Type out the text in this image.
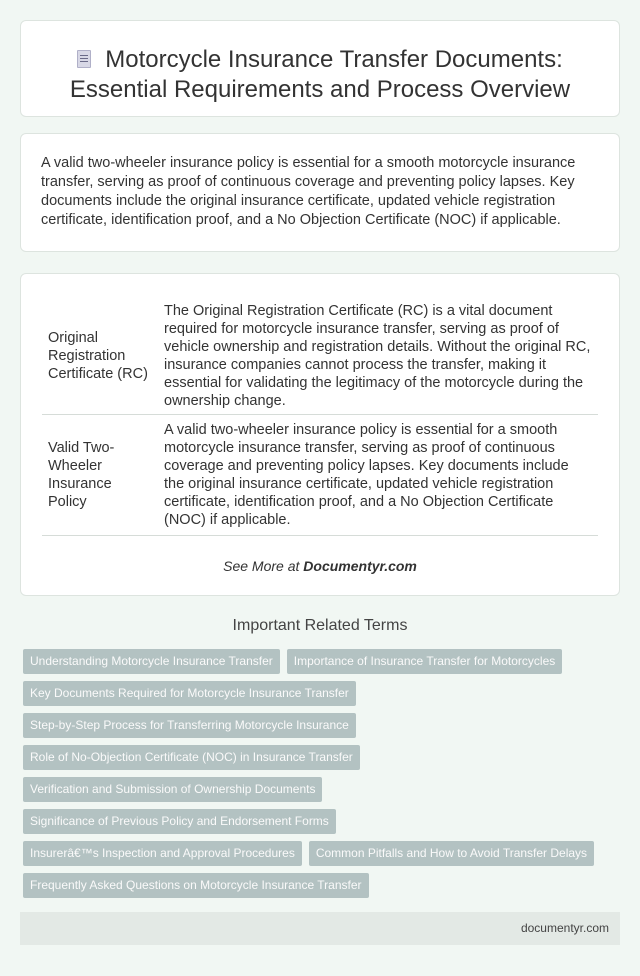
Motorcycle Insurance Transfer Documents: Essential Requirements and Process Overview

A valid two-wheeler insurance policy is essential for a smooth motorcycle insurance transfer, serving as proof of continuous coverage and preventing policy lapses. Key documents include the original insurance certificate, updated vehicle registration certificate, identification proof, and a No Objection Certificate (NOC) if applicable.

Original Registration Certificate (RC)	The Original Registration Certificate (RC) is a vital document required for motorcycle insurance transfer, serving as proof of vehicle ownership and registration details. Without the original RC, insurance companies cannot process the transfer, making it essential for validating the legitimacy of the motorcycle during the ownership change.
Valid Two-Wheeler Insurance Policy	A valid two-wheeler insurance policy is essential for a smooth motorcycle insurance transfer, serving as proof of continuous coverage and preventing policy lapses. Key documents include the original insurance certificate, updated vehicle registration certificate, identification proof, and a No Objection Certificate (NOC) if applicable.
See More at Documentyr.com
Important Related Terms
Understanding Motorcycle Insurance Transfer Importance of Insurance Transfer for Motorcycles
Key Documents Required for Motorcycle Insurance Transfer
Step-by-Step Process for Transferring Motorcycle Insurance
Role of No-Objection Certificate (NOC) in Insurance Transfer
Verification and Submission of Ownership Documents
Significance of Previous Policy and Endorsement Forms
Insurerâ€™s Inspection and Approval Procedures Common Pitfalls and How to Avoid Transfer Delays
Frequently Asked Questions on Motorcycle Insurance Transfer
documentyr.com
